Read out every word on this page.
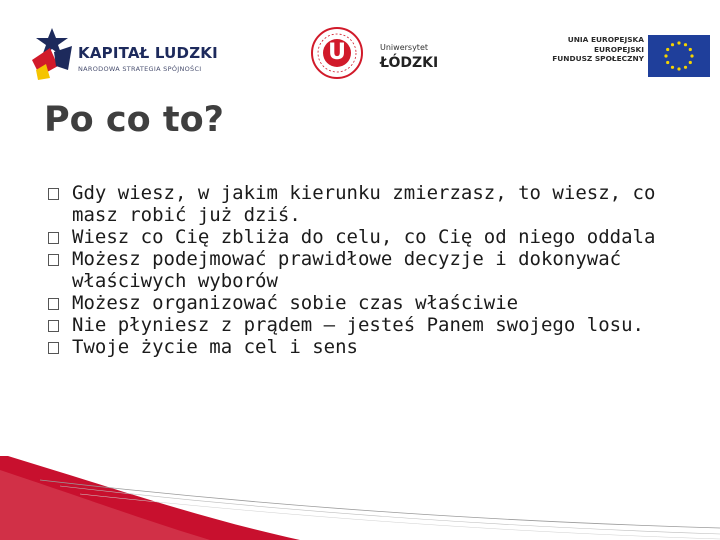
KAPITAŁ LUDZKI
NARODOWA STRATEGIA SPÓJNOŚCI
U	Uniwersytet
ŁÓDZKI
UNIA EUROPEJSKA
EUROPEJSKI
FUNDUSZ SPOŁECZNY
Po co to?
Gdy wiesz, w jakim kierunku zmierzasz, to wiesz, co masz robić już dziś.
Wiesz co Cię zbliża do celu, co Cię od niego oddala
Możesz podejmować prawidłowe decyzje i dokonywać właściwych wyborów
Możesz organizować sobie czas właściwie
Nie płyniesz z prądem – jesteś Panem swojego losu.
Twoje życie ma cel i sens
